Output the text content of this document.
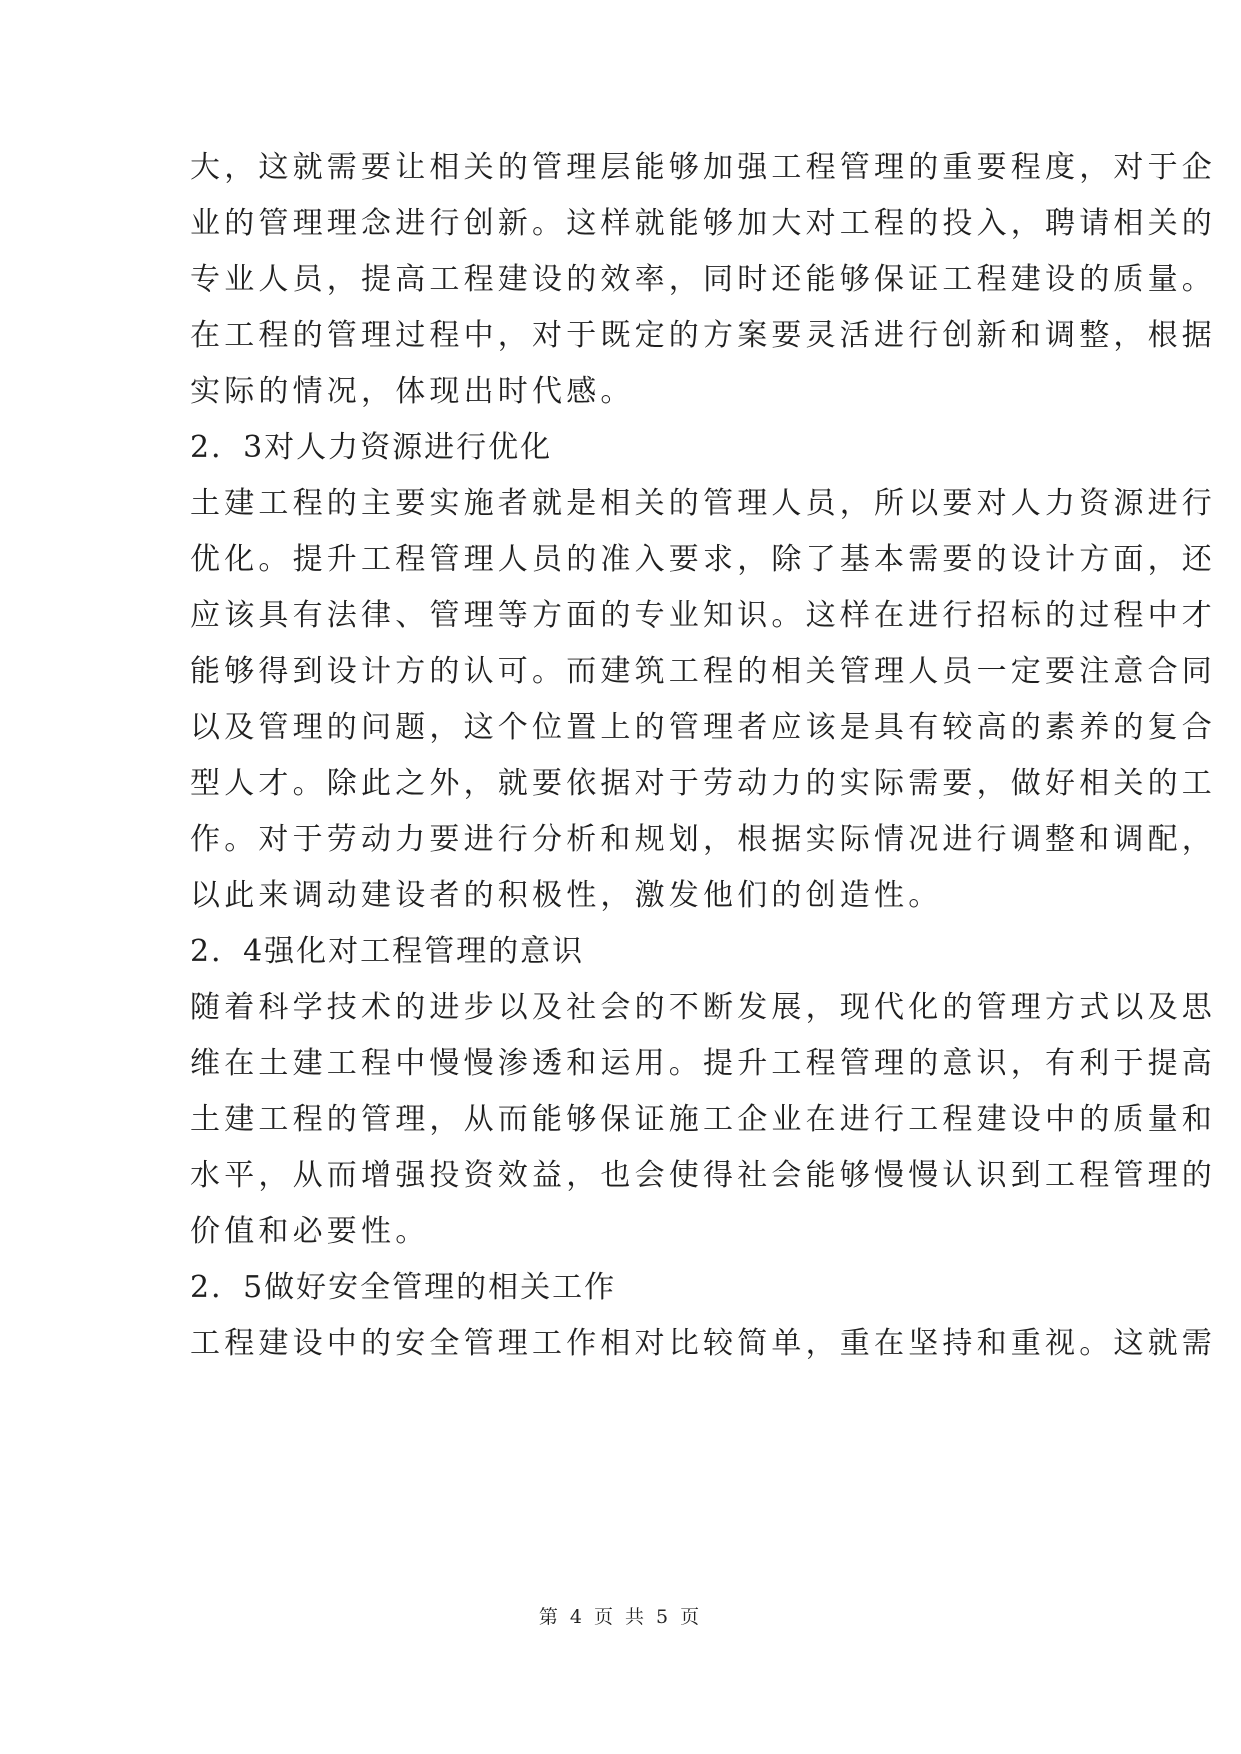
大，这就需要让相关的管理层能够加强工程管理的重要程度，对于企
业的管理理念进行创新。这样就能够加大对工程的投入，聘请相关的
专业人员，提高工程建设的效率，同时还能够保证工程建设的质量。
在工程的管理过程中，对于既定的方案要灵活进行创新和调整，根据
实际的情况，体现出时代感。
2．3对人力资源进行优化
土建工程的主要实施者就是相关的管理人员，所以要对人力资源进行
优化。提升工程管理人员的准入要求，除了基本需要的设计方面，还
应该具有法律、管理等方面的专业知识。这样在进行招标的过程中才
能够得到设计方的认可。而建筑工程的相关管理人员一定要注意合同
以及管理的问题，这个位置上的管理者应该是具有较高的素养的复合
型人才。除此之外，就要依据对于劳动力的实际需要，做好相关的工
作。对于劳动力要进行分析和规划，根据实际情况进行调整和调配，
以此来调动建设者的积极性，激发他们的创造性。
2．4强化对工程管理的意识
随着科学技术的进步以及社会的不断发展，现代化的管理方式以及思
维在土建工程中慢慢渗透和运用。提升工程管理的意识，有利于提高
土建工程的管理，从而能够保证施工企业在进行工程建设中的质量和
水平，从而增强投资效益，也会使得社会能够慢慢认识到工程管理的
价值和必要性。
2．5做好安全管理的相关工作
工程建设中的安全管理工作相对比较简单，重在坚持和重视。这就需
第 4 页 共 5 页
